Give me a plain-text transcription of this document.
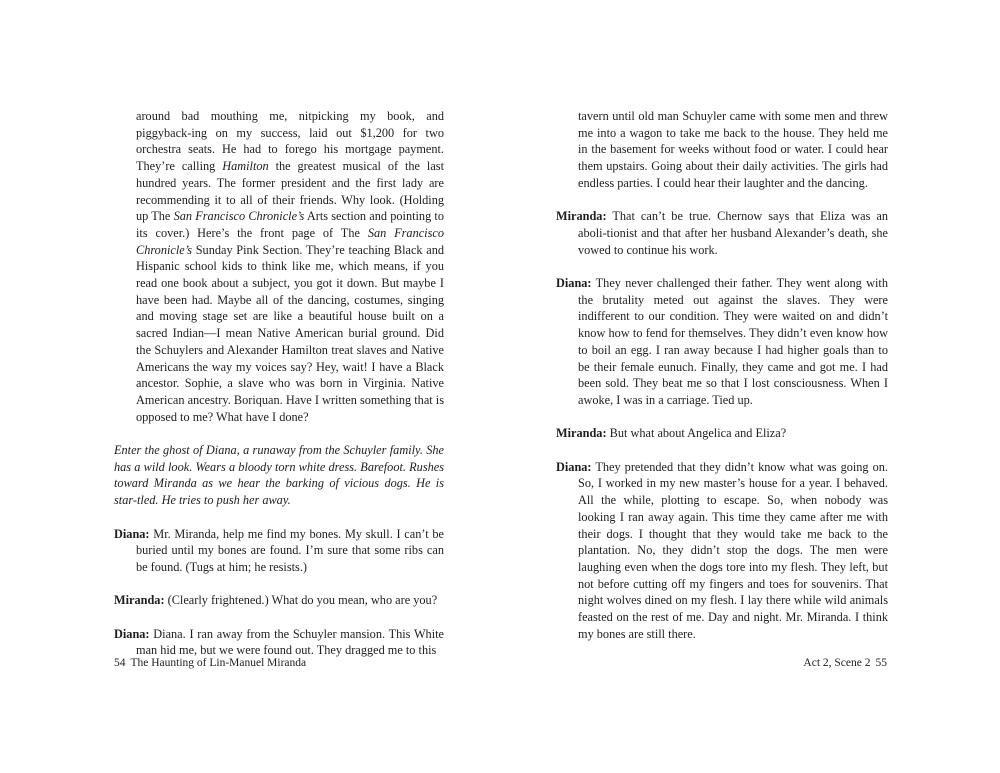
around bad mouthing me, nitpicking my book, and piggyback-ing on my success, laid out $1,200 for two orchestra seats. He had to forego his mortgage payment. They’re calling Hamilton the greatest musical of the last hundred years. The former president and the first lady are recommending it to all of their friends. Why look. (Holding up The San Francisco Chronicle’s Arts section and pointing to its cover.) Here’s the front page of The San Francisco Chronicle’s Sunday Pink Section. They’re teaching Black and Hispanic school kids to think like me, which means, if you read one book about a subject, you got it down. But maybe I have been had. Maybe all of the dancing, costumes, singing and moving stage set are like a beautiful house built on a sacred Indian—I mean Native American burial ground. Did the Schuylers and Alexander Hamilton treat slaves and Native Americans the way my voices say? Hey, wait! I have a Black ancestor. Sophie, a slave who was born in Virginia. Native American ancestry. Boriquan. Have I written something that is opposed to me? What have I done?
Enter the ghost of Diana, a runaway from the Schuyler family. She has a wild look. Wears a bloody torn white dress. Barefoot. Rushes toward Miranda as we hear the barking of vicious dogs. He is star-tled. He tries to push her away.
Diana: Mr. Miranda, help me find my bones. My skull. I can’t be buried until my bones are found. I’m sure that some ribs can be found. (Tugs at him; he resists.)
Miranda: (Clearly frightened.) What do you mean, who are you?
Diana: Diana. I ran away from the Schuyler mansion. This White man hid me, but we were found out. They dragged me to this
54 The Haunting of Lin-Manuel Miranda
tavern until old man Schuyler came with some men and threw me into a wagon to take me back to the house. They held me in the basement for weeks without food or water. I could hear them upstairs. Going about their daily activities. The girls had endless parties. I could hear their laughter and the dancing.
Miranda: That can’t be true. Chernow says that Eliza was an aboli-tionist and that after her husband Alexander’s death, she vowed to continue his work.
Diana: They never challenged their father. They went along with the brutality meted out against the slaves. They were indifferent to our condition. They were waited on and didn’t know how to fend for themselves. They didn’t even know how to boil an egg. I ran away because I had higher goals than to be their female eunuch. Finally, they came and got me. I had been sold. They beat me so that I lost consciousness. When I awoke, I was in a carriage. Tied up.
Miranda: But what about Angelica and Eliza?
Diana: They pretended that they didn’t know what was going on. So, I worked in my new master’s house for a year. I behaved. All the while, plotting to escape. So, when nobody was looking I ran away again. This time they came after me with their dogs. I thought that they would take me back to the plantation. No, they didn’t stop the dogs. The men were laughing even when the dogs tore into my flesh. They left, but not before cutting off my fingers and toes for souvenirs. That night wolves dined on my flesh. I lay there while wild animals feasted on the rest of me. Day and night. Mr. Miranda. I think my bones are still there.
Act 2, Scene 2 55
